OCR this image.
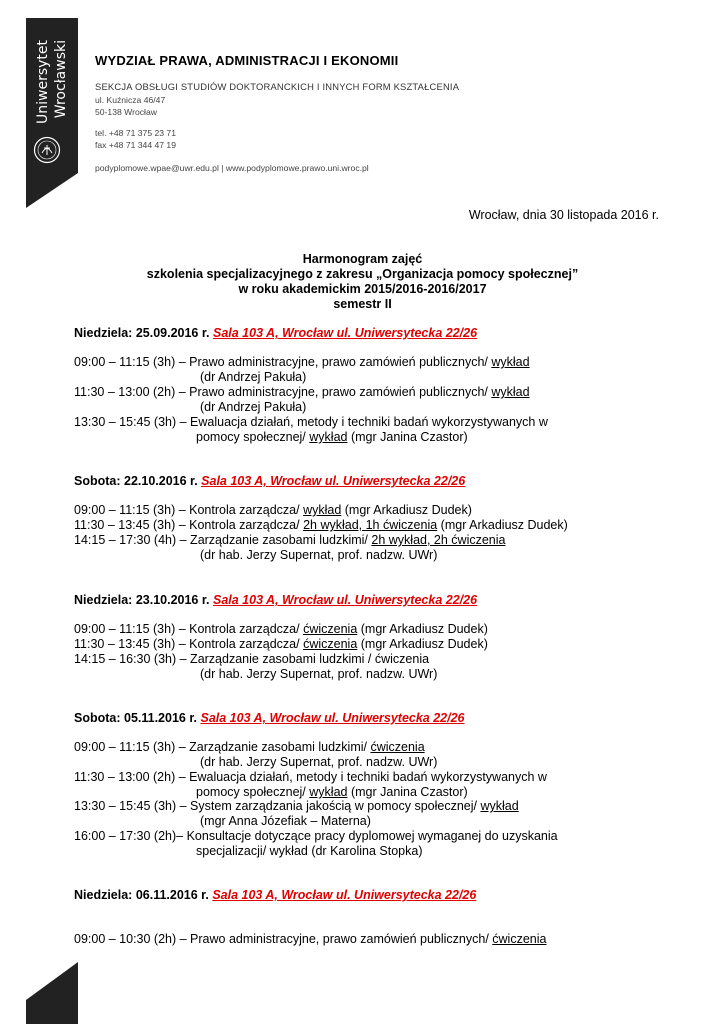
Uniwersytet Wrocławski WYDZIAŁ PRAWA, ADMINISTRACJI I EKONOMII
SEKCJA OBSŁUGI STUDIÓW DOKTORANCKICH I INNYCH FORM KSZTAŁCENIA
ul. Kuźnicza 46/47
50-138 Wrocław
tel. +48 71 375 23 71
fax +48 71 344 47 19
podyplomowe.wpae@uwr.edu.pl | www.podyplomowe.prawo.uni.wroc.pl
Wrocław, dnia 30 listopada 2016 r.
Harmonogram zajęć
szkolenia specjalizacyjnego z zakresu „Organizacja pomocy społecznej”
w roku akademickim 2015/2016-2016/2017
semestr II
Niedziela: 25.09.2016 r. Sala 103 A, Wrocław ul. Uniwersytecka 22/26
09:00 – 11:15 (3h) – Prawo administracyjne, prawo zamówień publicznych/ wykład
(dr Andrzej Pakuła)
11:30 – 13:00 (2h) – Prawo administracyjne, prawo zamówień publicznych/ wykład
(dr Andrzej Pakuła)
13:30 – 15:45 (3h) – Ewaluacja działań, metody i techniki badań wykorzystywanych w
pomocy społecznej/ wykład (mgr Janina Czastor)
Sobota: 22.10.2016 r. Sala 103 A, Wrocław ul. Uniwersytecka 22/26
09:00 – 11:15 (3h) – Kontrola zarządcza/ wykład (mgr Arkadiusz Dudek)
11:30 – 13:45 (3h) – Kontrola zarządcza/ 2h wykład, 1h ćwiczenia (mgr Arkadiusz Dudek)
14:15 – 17:30 (4h) – Zarządzanie zasobami ludzkimi/ 2h wykład, 2h ćwiczenia
(dr hab. Jerzy Supernat, prof. nadzw. UWr)
Niedziela: 23.10.2016 r. Sala 103 A, Wrocław ul. Uniwersytecka 22/26
09:00 – 11:15 (3h) – Kontrola zarządcza/ ćwiczenia (mgr Arkadiusz Dudek)
11:30 – 13:45 (3h) – Kontrola zarządcza/ ćwiczenia (mgr Arkadiusz Dudek)
14:15 – 16:30 (3h) – Zarządzanie zasobami ludzkimi / ćwiczenia
(dr hab. Jerzy Supernat, prof. nadzw. UWr)
Sobota: 05.11.2016 r. Sala 103 A, Wrocław ul. Uniwersytecka 22/26
09:00 – 11:15 (3h) – Zarządzanie zasobami ludzkimi/ ćwiczenia
(dr hab. Jerzy Supernat, prof. nadzw. UWr)
11:30 – 13:00 (2h) – Ewaluacja działań, metody i techniki badań wykorzystywanych w
pomocy społecznej/ wykład (mgr Janina Czastor)
13:30 – 15:45 (3h) – System zarządzania jakością w pomocy społecznej/ wykład
(mgr Anna Józefiak – Materna)
16:00 – 17:30 (2h)– Konsultacje dotyczące pracy dyplomowej wymaganej do uzyskania
specjalizacji/ wykład (dr Karolina Stopka)
Niedziela: 06.11.2016 r. Sala 103 A, Wrocław ul. Uniwersytecka 22/26
09:00 – 10:30 (2h) – Prawo administracyjne, prawo zamówień publicznych/ ćwiczenia
